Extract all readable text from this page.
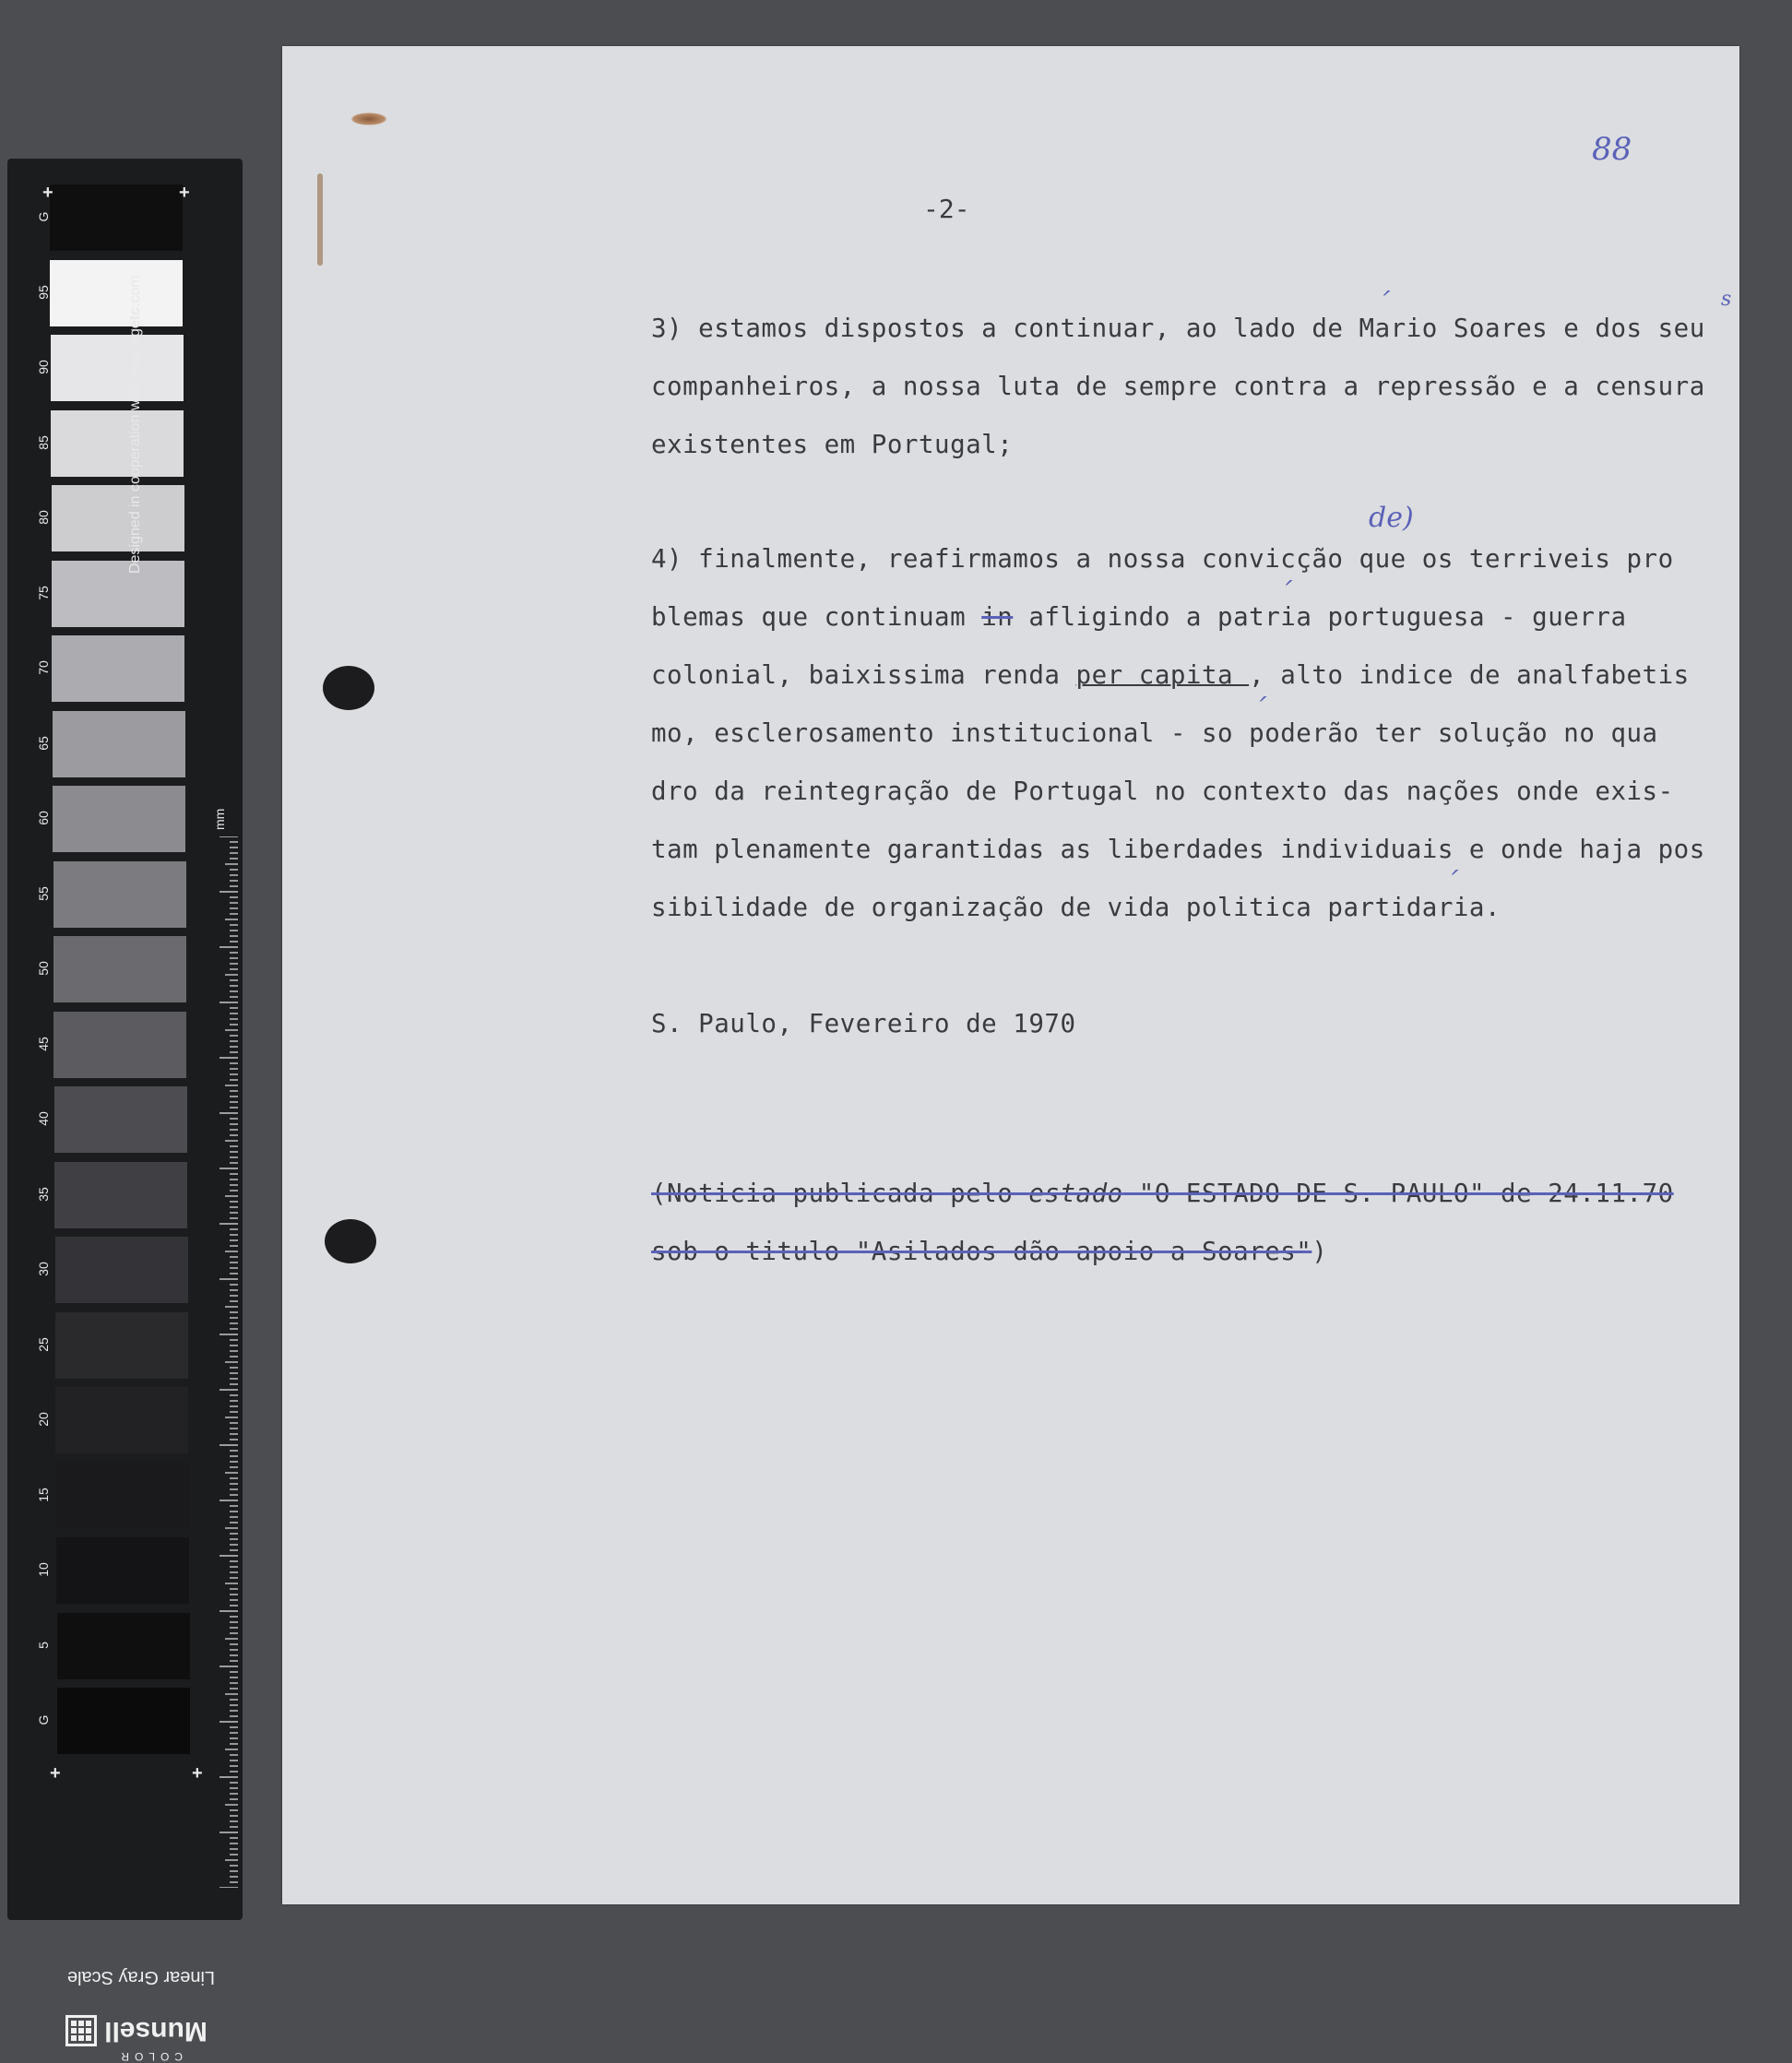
G
95
90
85
80
75
70
65
60
55
50
45
40
35
30
25
20
15
10
5
G
+	+
+	+
Designed in cooperation with imagingetc.com
mm
Linear Gray Scale
Munsell
COLOR
88
-2-
s
´
3) estamos dispostos a continuar, ao lado de Mario Soares e dos seu
companheiros, a nossa luta de sempre contra a repressão e a censura
existentes em Portugal;
de)
4) finalmente, reafirmamos a nossa convicção que os terriveis pro
´
blemas que continuam in afligindo a patria portuguesa - guerra
colonial, baixissima renda per capita , alto indice de analfabetis
´
mo, esclerosamento institucional - so poderão ter solução no qua
dro da reintegração de Portugal no contexto das nações onde exis-
tam plenamente garantidas as liberdades individuais e onde haja pos
´
sibilidade de organização de vida politica partidaria.
S. Paulo, Fevereiro de 1970
(Noticia publicada pelo estado "O ESTADO DE S. PAULO" de 24.11.70
sob o titulo "Asilados dão apoio a Soares")
